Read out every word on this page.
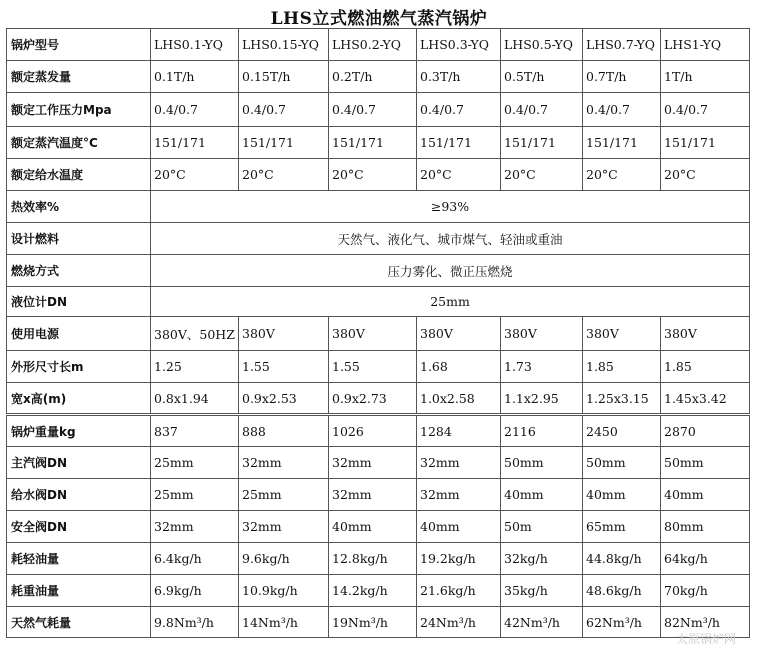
LHS立式燃油燃气蒸汽锅炉
锅炉型号	LHS0.1-YQ	LHS0.15-YQ	LHS0.2-YQ	LHS0.3-YQ	LHS0.5-YQ	LHS0.7-YQ	LHS1-YQ
额定蒸发量	0.1T/h	0.15T/h	0.2T/h	0.3T/h	0.5T/h	0.7T/h	1T/h
额定工作压力Mpa	0.4/0.7	0.4/0.7	0.4/0.7	0.4/0.7	0.4/0.7	0.4/0.7	0.4/0.7
额定蒸汽温度°C	151/171	151/171	151/171	151/171	151/171	151/171	151/171
额定给水温度	20°C	20°C	20°C	20°C	20°C	20°C	20°C
热效率%	≥93%						
设计燃料	天然气、液化气、城市煤气、轻油或重油						
燃烧方式	压力雾化、微正压燃烧						
液位计DN	25mm						
使用电源	380V、50HZ	380V	380V	380V	380V	380V	380V
外形尺寸长m	1.25	1.55	1.55	1.68	1.73	1.85	1.85
宽x高(m)	0.8x1.94	0.9x2.53	0.9x2.73	1.0x2.58	1.1x2.95	1.25x3.15	1.45x3.42
锅炉重量kg	837	888	1026	1284	2116	2450	2870
主汽阀DN	25mm	32mm	32mm	32mm	50mm	50mm	50mm
给水阀DN	25mm	25mm	32mm	32mm	40mm	40mm	40mm
安全阀DN	32mm	32mm	40mm	40mm	50m	65mm	80mm
耗轻油量	6.4kg/h	9.6kg/h	12.8kg/h	19.2kg/h	32kg/h	44.8kg/h	64kg/h
耗重油量	6.9kg/h	10.9kg/h	14.2kg/h	21.6kg/h	35kg/h	48.6kg/h	70kg/h
天然气耗量	9.8Nm³/h	14Nm³/h	19Nm³/h	24Nm³/h	42Nm³/h	62Nm³/h	82Nm³/h
太原锅炉网
